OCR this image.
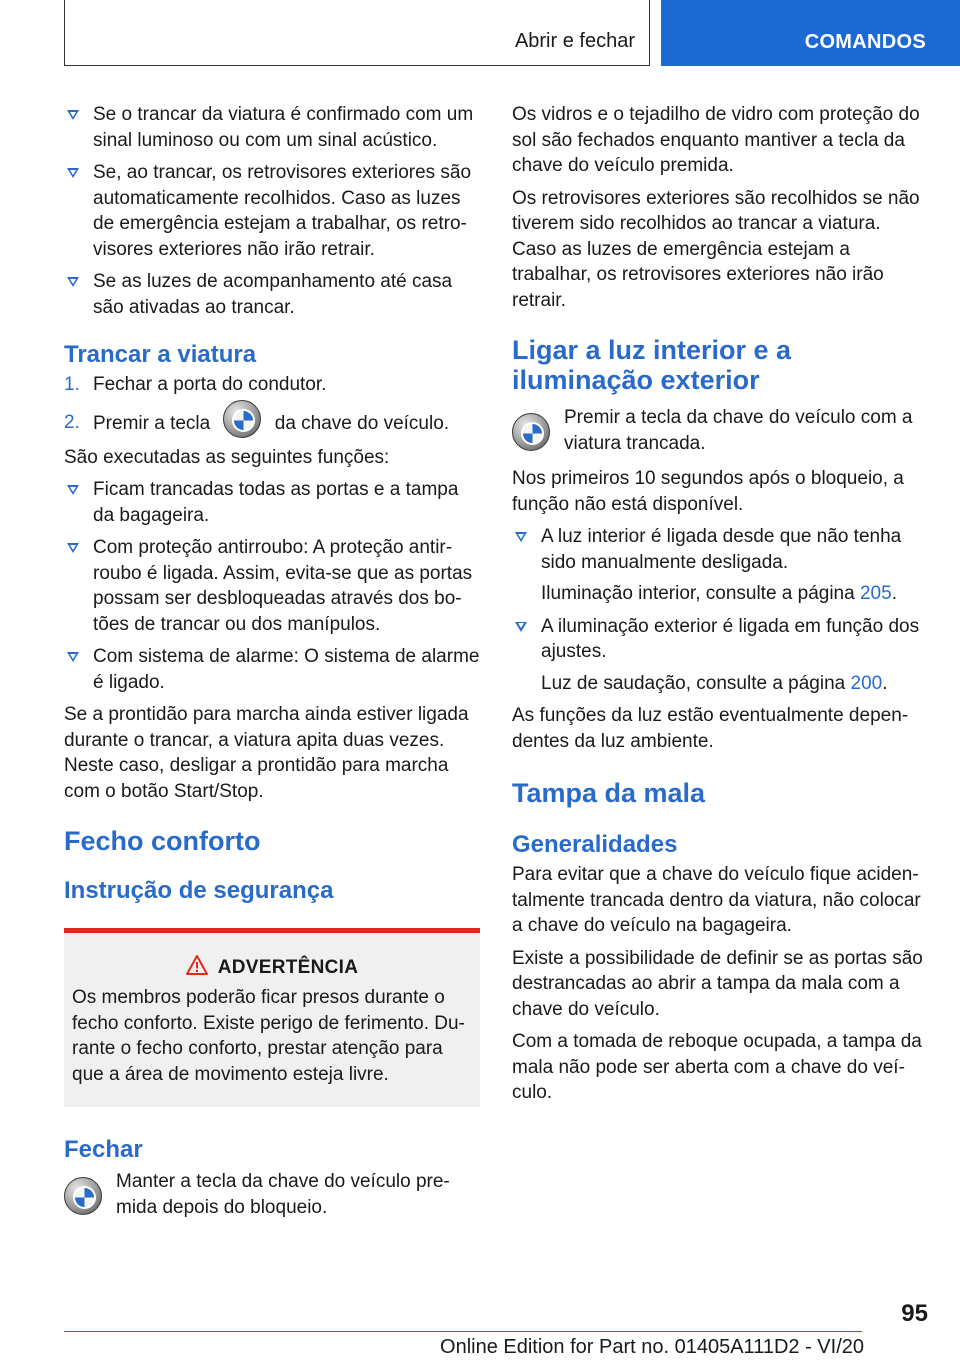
Abrir e fechar	COMANDOS
Se o trancar da viatura é confirmado com um sinal luminoso ou com um sinal acústico.
Se, ao trancar, os retrovisores exteriores são automaticamente recolhidos. Caso as luzes de emergência estejam a trabalhar, os retro-visores exteriores não irão retrair.
Se as luzes de acompanhamento até casa são ativadas ao trancar.
Trancar a viatura
1. Fechar a porta do condutor.
2. Premir a tecla	da chave do veículo.

São executadas as seguintes funções:

Ficam trancadas todas as portas e a tampa da bagageira.
Com proteção antirroubo: A proteção antir-roubo é ligada. Assim, evita-se que as portas possam ser desbloqueadas através dos bo-tões de trancar ou dos manípulos.
Com sistema de alarme: O sistema de alarme é ligado.

Se a prontidão para marcha ainda estiver ligada durante o trancar, a viatura apita duas vezes. Neste caso, desligar a prontidão para marcha com o botão Start/Stop.

Fecho conforto
Instrução de segurança
ADVERTÊNCIA

Os membros poderão ficar presos durante o fecho conforto. Existe perigo de ferimento. Du-rante o fecho conforto, prestar atenção para que a área de movimento esteja livre.

Fechar

Manter a tecla da chave do veículo pre-mida depois do bloqueio.

Os vidros e o tejadilho de vidro com proteção do sol são fechados enquanto mantiver a tecla da chave do veículo premida.

Os retrovisores exteriores são recolhidos se não tiverem sido recolhidos ao trancar a viatura. Caso as luzes de emergência estejam a trabalhar, os retrovisores exteriores não irão retrair.

Ligar a luz interior e a iluminação exterior

Premir a tecla da chave do veículo com a viatura trancada.

Nos primeiros 10 segundos após o bloqueio, a função não está disponível.

A luz interior é ligada desde que não tenha sido manualmente desligada.

Iluminação interior, consulte a página 205.

A iluminação exterior é ligada em função dos ajustes.

Luz de saudação, consulte a página 200.

As funções da luz estão eventualmente depen-dentes da luz ambiente.

Tampa da mala
Generalidades

Para evitar que a chave do veículo fique aciden-talmente trancada dentro da viatura, não colocar a chave do veículo na bagageira.

Existe a possibilidade de definir se as portas são destrancadas ao abrir a tampa da mala com a chave do veículo.

Com a tomada de reboque ocupada, a tampa da mala não pode ser aberta com a chave do veí-culo.

95
Online Edition for Part no. 01405A111D2 - VI/20
